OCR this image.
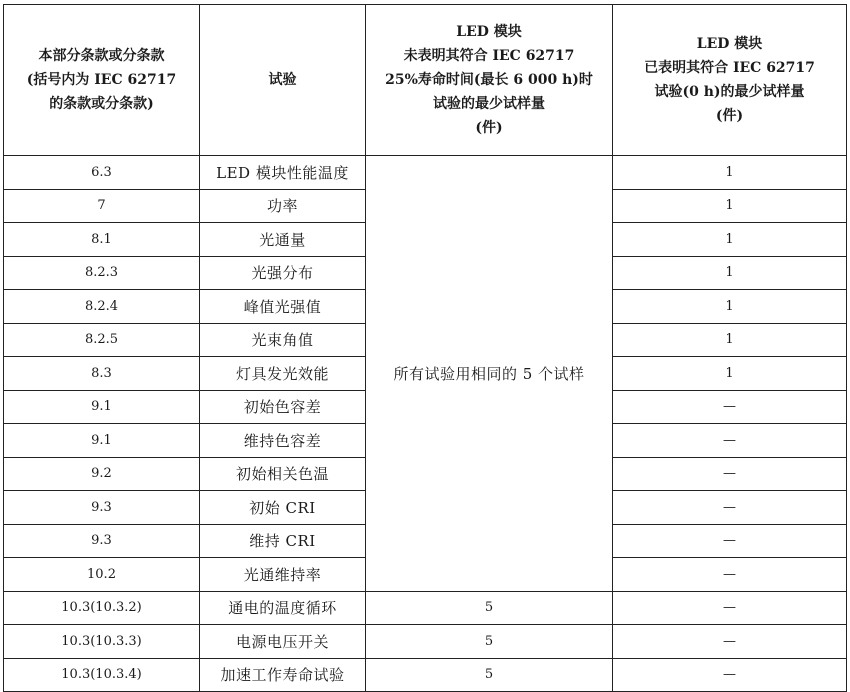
本部分条款或分条款
(括号内为 IEC 62717
的条款或分条款)	试验	LED 模块
未表明其符合 IEC 62717
25%寿命时间(最长 6 000 h)时
试验的最少试样量
(件)	LED 模块
已表明其符合 IEC 62717
试验(0 h)的最少试样量
(件)

6.3	LED 模块性能温度	所有试验用相同的 5 个试样	1
7	功率		1
8.1	光通量		1
8.2.3	光强分布		1
8.2.4	峰值光强值		1
8.2.5	光束角值		1
8.3	灯具发光效能		1
9.1	初始色容差		—
9.1	维持色容差		—
9.2	初始相关色温		—
9.3	初始 CRI		—
9.3	维持 CRI		—
10.2	光通维持率		—
10.3(10.3.2)	通电的温度循环	5	—
10.3(10.3.3)	电源电压开关	5	—
10.3(10.3.4)	加速工作寿命试验	5	—
